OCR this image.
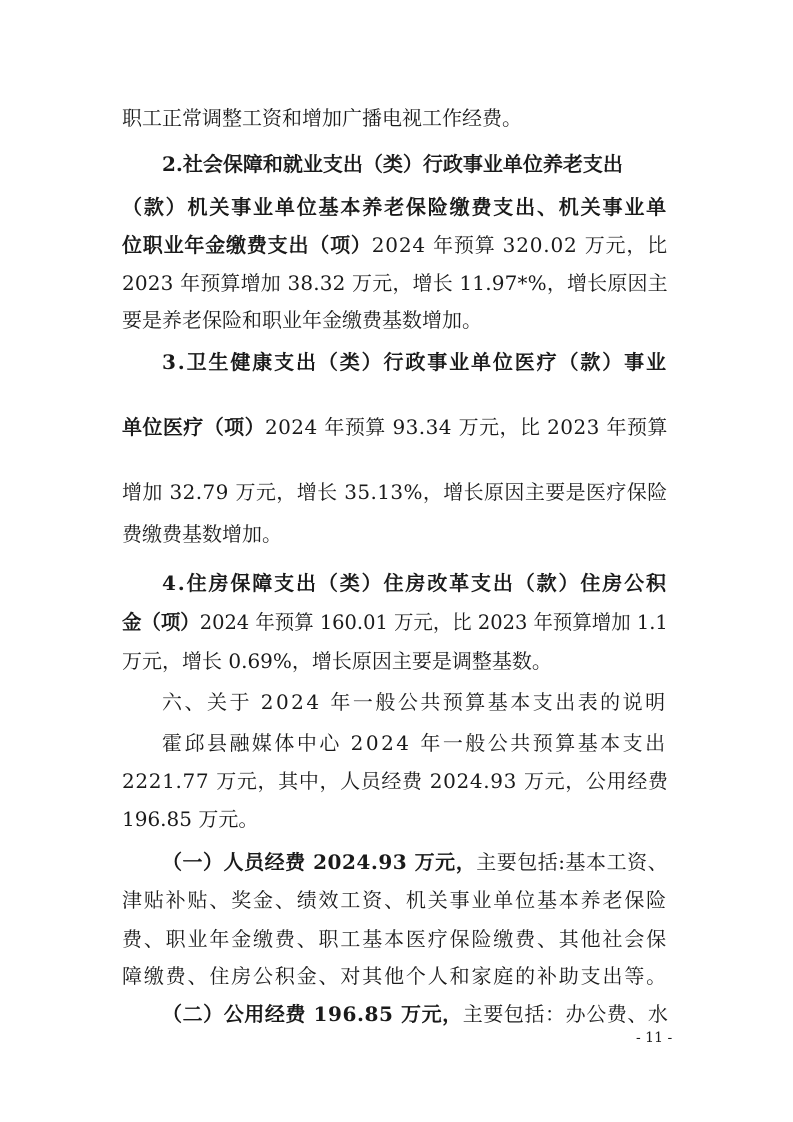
职工正常调整工资和增加广播电视工作经费。
2.社会保障和就业支出（类）行政事业单位养老支出
（款）机关事业单位基本养老保险缴费支出、机关事业单
位职业年金缴费支出（项）2024 年预算 320.02 万元，比
2023 年预算增加 38.32 万元，增长 11.97*%，增长原因主
要是养老保险和职业年金缴费基数增加。
3.卫生健康支出（类）行政事业单位医疗（款）事业
单位医疗（项）2024 年预算 93.34 万元，比 2023 年预算
增加 32.79 万元，增长 35.13%，增长原因主要是医疗保险
费缴费基数增加。
4.住房保障支出（类）住房改革支出（款）住房公积
金（项）2024 年预算 160.01 万元，比 2023 年预算增加 1.1
万元，增长 0.69%，增长原因主要是调整基数。
六、关于 2024 年一般公共预算基本支出表的说明
霍邱县融媒体中心 2024 年一般公共预算基本支出
2221.77 万元，其中，人员经费 2024.93 万元，公用经费
196.85 万元。
（一）人员经费 2024.93 万元，主要包括:基本工资、
津贴补贴、奖金、绩效工资、机关事业单位基本养老保险
费、职业年金缴费、职工基本医疗保险缴费、其他社会保
障缴费、住房公积金、对其他个人和家庭的补助支出等。
（二）公用经费 196.85 万元，主要包括：办公费、水
- 11 -
